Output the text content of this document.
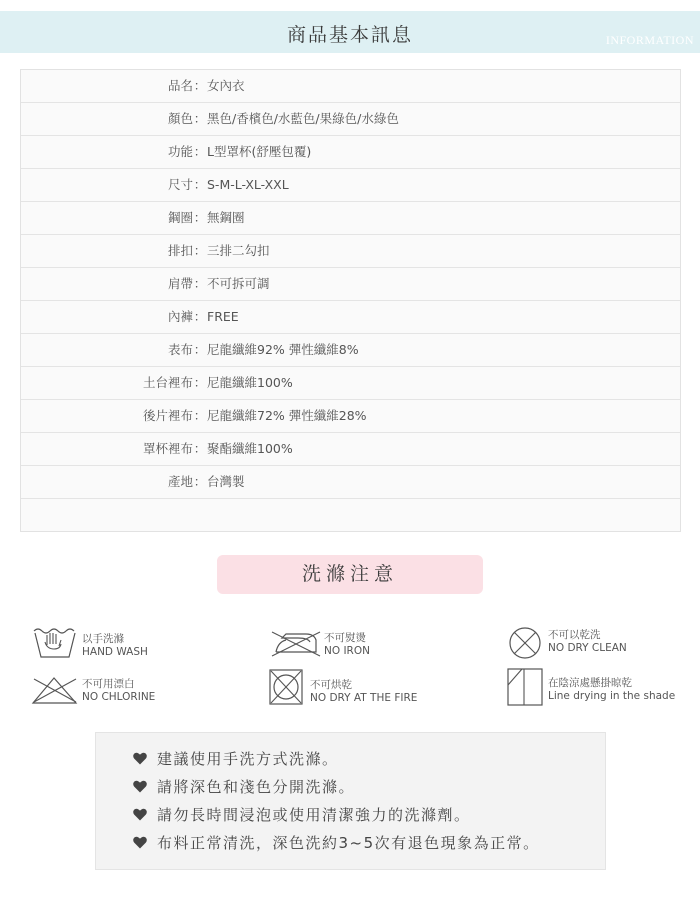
商品基本訊息	INFORMATION
品名 ： 女內衣
顏色 ： 黑色/香檳色/水藍色/果綠色/水綠色
功能 ： L型罩杯(舒壓包覆)
尺寸 ： S-M-L-XL-XXL
鋼圈 ： 無鋼圈
排扣 ： 三排二勾扣
肩帶 ： 不可拆可調
內褲 ： FREE
表布 ： 尼龍纖維92% 彈性纖維8%
土台裡布 ： 尼龍纖維100%
後片裡布 ： 尼龍纖維72% 彈性纖維28%
罩杯裡布 ： 聚酯纖維100%
產地 ： 台灣製
洗滌注意
以手洗滌
HAND WASH
不可熨燙
NO IRON
不可以乾洗
NO DRY CLEAN
不可用漂白
NO CHLORINE
不可烘乾
NO DRY AT THE FIRE
在陰涼處懸掛晾乾
Line drying in the shade
建議使用手洗方式洗滌。
請將深色和淺色分開洗滌。
請勿長時間浸泡或使用清潔強力的洗滌劑。
布料正常清洗，深色洗約3~5次有退色現象為正常。
